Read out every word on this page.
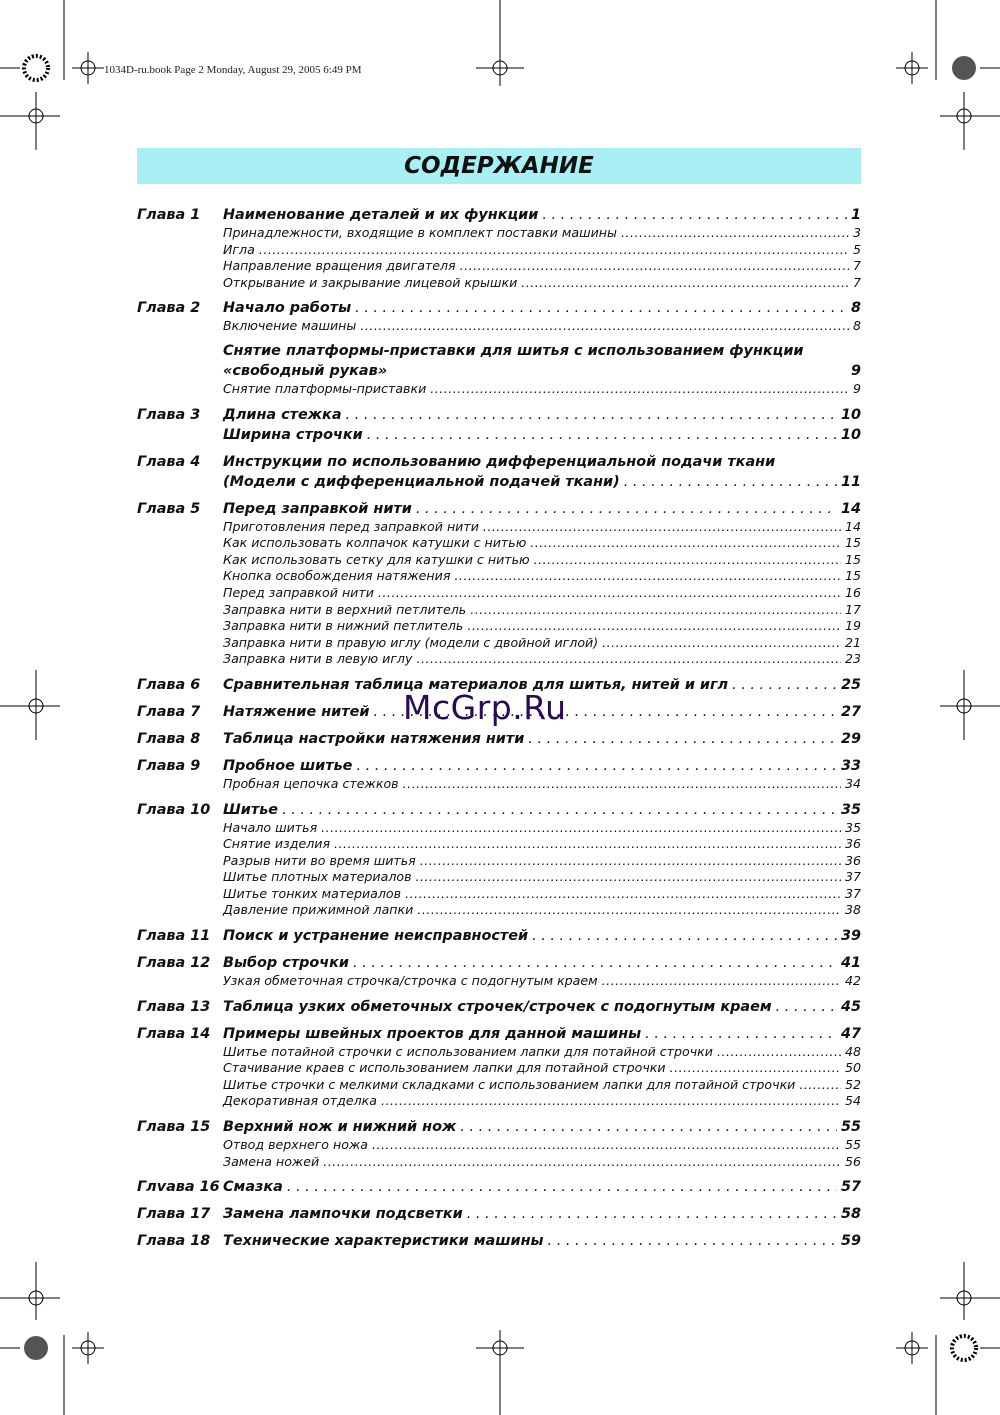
1034D-ru.book Page 2 Monday, August 29, 2005 6:49 PM
СОДЕРЖАНИЕ
Глава 1	Наименование деталей и их функции . . .	1
Принадлежности, входящие в комплект поставки машины .....	3
Игла .....	5
Направление вращения двигателя .....	7
Открывание и закрывание лицевой крышки .....	7
Глава 2	Начало работы . . .	8
Включение машины .....	8
Снятие платформы-приставки для шитья с использованием функции
«свободный рукав»	9
Снятие платформы-приставки .....	9
Глава 3	Длина стежка . . .	10
Ширина строчки . . .	10
Глава 4	Инструкции по использованию дифференциальной подачи ткани
(Модели с дифференциальной подачей ткани) . . .	11
Глава 5	Перед заправкой нити . . .	14
Приготовления перед заправкой нити .....	14
Как использовать колпачок катушки с нитью .....	15
Как использовать сетку для катушки с нитью .....	15
Кнопка освобождения натяжения .....	15
Перед заправкой нити .....	16
Заправка нити в верхний петлитель .....	17
Заправка нити в нижний петлитель .....	19
Заправка нити в правую иглу (модели с двойной иглой) .....	21
Заправка нити в левую иглу .....	23
Глава 6	Сравнительная таблица материалов для шитья, нитей и игл . . .	25
Глава 7	Натяжение нитей . . .	27
Глава 8	Таблица настройки натяжения нити . . .	29
Глава 9	Пробное шитье . . .	33
Пробная цепочка стежков .....	34
Глава 10 Шитье . . .	35
Начало шитья .....	35
Снятие изделия .....	36
Разрыв нити во время шитья .....	36
Шитье плотных материалов .....	37
Шитье тонких материалов .....	37
Давление прижимной лапки .....	38
Глава 11 Поиск и устранение неисправностей . . .	39
Глава 12 Выбор строчки . . .	41
Узкая обметочная строчка/строчка с подогнутым краем .....	42
Глава 13 Таблица узких обметочных строчек/строчек с подогнутым краем . . .	45
Глава 14 Примеры швейных проектов для данной машины . . .	47
Шитье потайной строчки с использованием лапки для потайной строчки .....	48
Стачивание краев с использованием лапки для потайной строчки .....	50
Шитье строчки с мелкими складками с использованием лапки для потайной строчки .....	52
Декоративная отделка .....	54
Глава 15 Верхний нож и нижний нож . . .	55
Отвод верхнего ножа .....	55
Замена ножей .....	56
Глvава 16 Смазка . . .	57
Глава 17 Замена лампочки подсветки . . .	58
Глава 18 Технические характеристики машины . . .	59
McGrp.Ru
